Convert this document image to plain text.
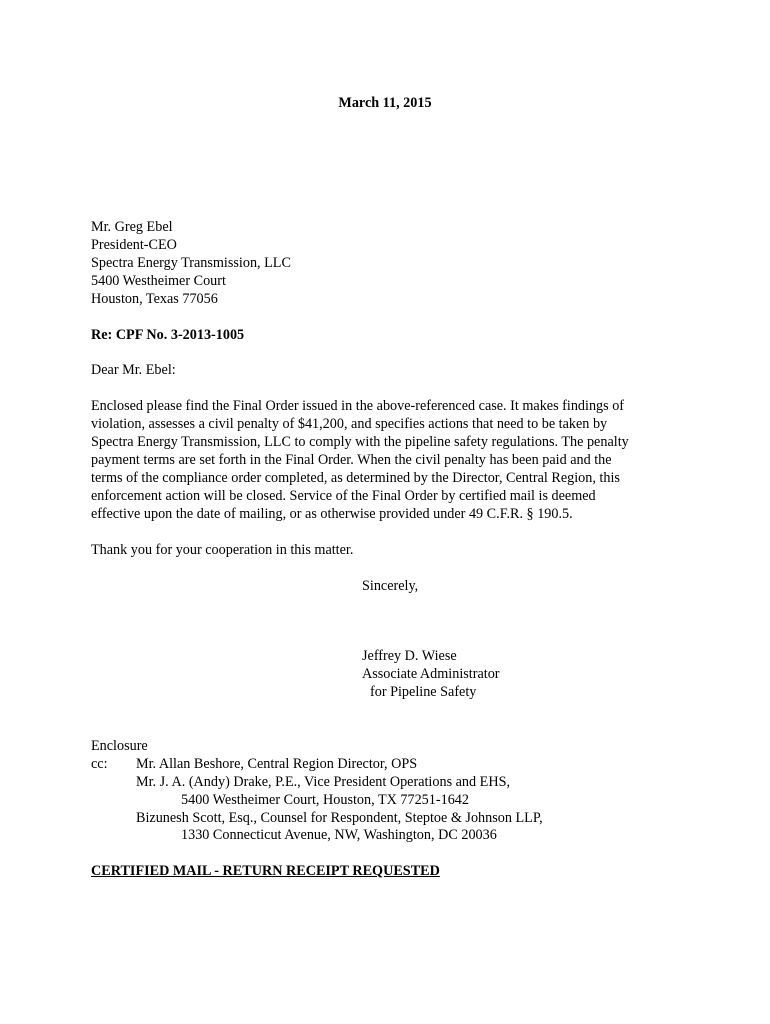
March 11, 2015
Mr. Greg Ebel
President-CEO
Spectra Energy Transmission, LLC
5400 Westheimer Court
Houston, Texas 77056
Re: CPF No. 3-2013-1005
Dear Mr. Ebel:
Enclosed please find the Final Order issued in the above-referenced case. It makes findings of
violation, assesses a civil penalty of $41,200, and specifies actions that need to be taken by
Spectra Energy Transmission, LLC to comply with the pipeline safety regulations. The penalty
payment terms are set forth in the Final Order. When the civil penalty has been paid and the
terms of the compliance order completed, as determined by the Director, Central Region, this
enforcement action will be closed. Service of the Final Order by certified mail is deemed
effective upon the date of mailing, or as otherwise provided under 49 C.F.R. § 190.5.
Thank you for your cooperation in this matter.
Sincerely,
Jeffrey D. Wiese
Associate Administrator
for Pipeline Safety
Enclosure
cc: Mr. Allan Beshore, Central Region Director, OPS
Mr. J. A. (Andy) Drake, P.E., Vice President Operations and EHS,
5400 Westheimer Court, Houston, TX 77251-1642
Bizunesh Scott, Esq., Counsel for Respondent, Steptoe & Johnson LLP,
1330 Connecticut Avenue, NW, Washington, DC 20036
CERTIFIED MAIL - RETURN RECEIPT REQUESTED
